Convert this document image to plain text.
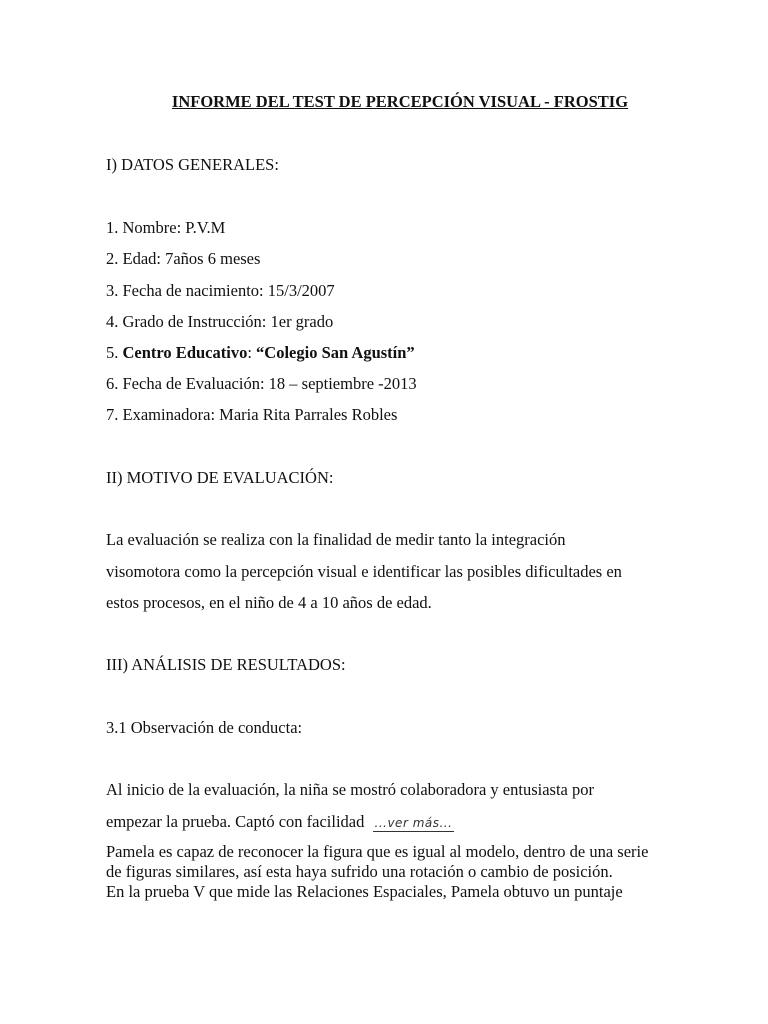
INFORME DEL TEST DE PERCEPCIÓN VISUAL - FROSTIG
I) DATOS GENERALES:
1. Nombre: P.V.M
2. Edad: 7años 6 meses
3. Fecha de nacimiento: 15/3/2007
4. Grado de Instrucción: 1er grado
5. Centro Educativo: “Colegio San Agustín”
6. Fecha de Evaluación: 18 – septiembre -2013
7. Examinadora: Maria Rita Parrales Robles
II) MOTIVO DE EVALUACIÓN:
La evaluación se realiza con la finalidad de medir tanto la integración
visomotora como la percepción visual e identificar las posibles dificultades en
estos procesos, en el niño de 4 a 10 años de edad.
III) ANÁLISIS DE RESULTADOS:
3.1 Observación de conducta:
Al inicio de la evaluación, la niña se mostró colaboradora y entusiasta por
empezar la prueba. Captó con facilidad ...ver más...
Pamela es capaz de reconocer la figura que es igual al modelo, dentro de una serie de figuras similares, así esta haya sufrido una rotación o cambio de posición.
En la prueba V que mide las Relaciones Espaciales, Pamela obtuvo un puntaje
